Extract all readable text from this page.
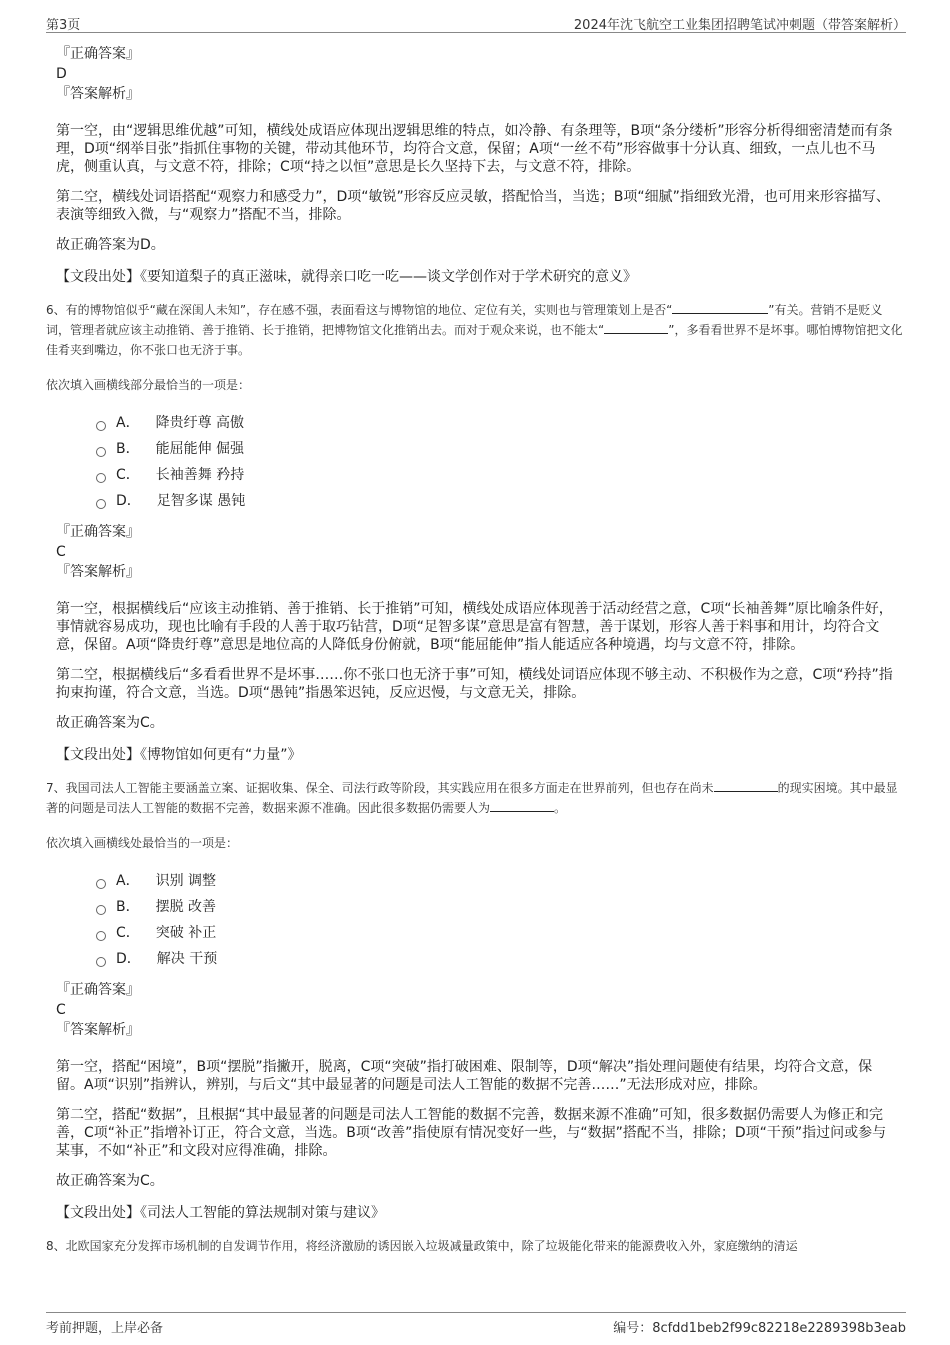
第3页	2024年沈飞航空工业集团招聘笔试冲刺题（带答案解析）
『正确答案』
D
『答案解析』
第一空，由“逻辑思维优越”可知，横线处成语应体现出逻辑思维的特点，如冷静、有条理等，B项“条分缕析”形容分析得细密清楚而有条理，D项“纲举目张”指抓住事物的关键，带动其他环节，均符合文意，保留；A项“一丝不苟”形容做事十分认真、细致，一点儿也不马虎，侧重认真，与文意不符，排除；C项“持之以恒”意思是长久坚持下去，与文意不符，排除。
第二空，横线处词语搭配“观察力和感受力”，D项“敏锐”形容反应灵敏，搭配恰当，当选；B项“细腻”指细致光滑，也可用来形容描写、表演等细致入微，与“观察力”搭配不当，排除。
故正确答案为D。
【文段出处】《要知道梨子的真正滋味，就得亲口吃一吃——谈文学创作对于学术研究的意义》
6、有的博物馆似乎“藏在深闺人未知”，存在感不强，表面看这与博物馆的地位、定位有关，实则也与管理策划上是否“	”有关。营销不是贬义词，管理者就应该主动推销、善于推销、长于推销，把博物馆文化推销出去。而对于观众来说，也不能太“	”，多看看世界不是坏事。哪怕博物馆把文化佳肴夹到嘴边，你不张口也无济于事。
依次填入画横线部分最恰当的一项是：
A． 降贵纡尊 高傲
B． 能屈能伸 倔强
C． 长袖善舞 矜持
D． 足智多谋 愚钝
『正确答案』
C
『答案解析』
第一空，根据横线后“应该主动推销、善于推销、长于推销”可知，横线处成语应体现善于活动经营之意，C项“长袖善舞”原比喻条件好，事情就容易成功，现也比喻有手段的人善于取巧钻营，D项“足智多谋”意思是富有智慧，善于谋划，形容人善于料事和用计，均符合文意，保留。A项“降贵纡尊”意思是地位高的人降低身份俯就，B项“能屈能伸”指人能适应各种境遇，均与文意不符，排除。
第二空，根据横线后“多看看世界不是坏事……你不张口也无济于事”可知，横线处词语应体现不够主动、不积极作为之意，C项“矜持”指拘束拘谨，符合文意，当选。D项“愚钝”指愚笨迟钝，反应迟慢，与文意无关，排除。
故正确答案为C。
【文段出处】《博物馆如何更有“力量”》
7、我国司法人工智能主要涵盖立案、证据收集、保全、司法行政等阶段，其实践应用在很多方面走在世界前列，但也存在尚未	的现实困境。其中最显著的问题是司法人工智能的数据不完善，数据来源不准确。因此很多数据仍需要人为	。
依次填入画横线处最恰当的一项是：
A． 识别 调整
B． 摆脱 改善
C． 突破 补正
D． 解决 干预
『正确答案』
C
『答案解析』
第一空，搭配“困境”，B项“摆脱”指撇开，脱离，C项“突破”指打破困难、限制等，D项“解决”指处理问题使有结果，均符合文意，保留。A项“识别”指辨认，辨别，与后文“其中最显著的问题是司法人工智能的数据不完善……”无法形成对应，排除。
第二空，搭配“数据”，且根据“其中最显著的问题是司法人工智能的数据不完善，数据来源不准确”可知，很多数据仍需要人为修正和完善，C项“补正”指增补订正，符合文意，当选。B项“改善”指使原有情况变好一些，与“数据”搭配不当，排除；D项“干预”指过问或参与某事，不如“补正”和文段对应得准确，排除。
故正确答案为C。
【文段出处】《司法人工智能的算法规制对策与建议》
8、北欧国家充分发挥市场机制的自发调节作用，将经济激励的诱因嵌入垃圾减量政策中，除了垃圾能化带来的能源费收入外，家庭缴纳的清运
考前押题，上岸必备	编号：8cfdd1beb2f99c82218e2289398b3eab
